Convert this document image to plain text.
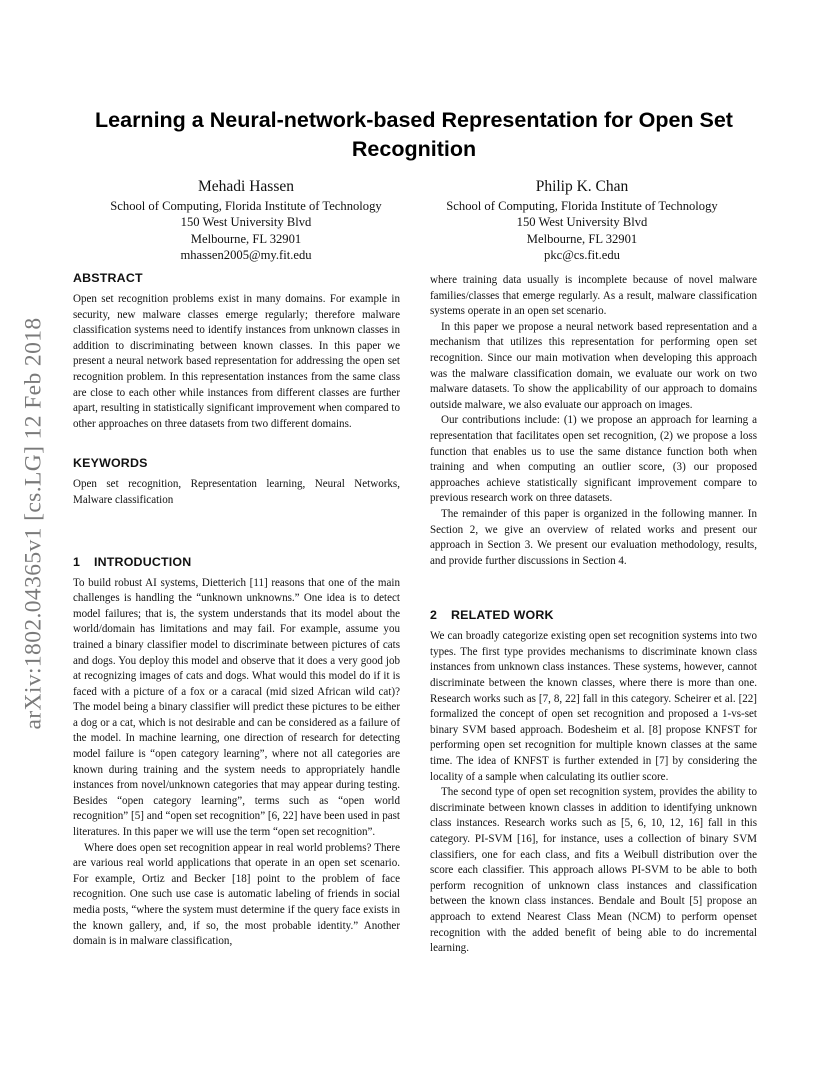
arXiv:1802.04365v1 [cs.LG] 12 Feb 2018
Learning a Neural-network-based Representation for Open Set Recognition
Mehadi Hassen
School of Computing, Florida Institute of Technology
150 West University Blvd
Melbourne, FL 32901
mhassen2005@my.fit.edu
Philip K. Chan
School of Computing, Florida Institute of Technology
150 West University Blvd
Melbourne, FL 32901
pkc@cs.fit.edu
ABSTRACT

Open set recognition problems exist in many domains. For example in security, new malware classes emerge regularly; therefore malware classification systems need to identify instances from unknown classes in addition to discriminating between known classes. In this paper we present a neural network based representation for addressing the open set recognition problem. In this representation instances from the same class are close to each other while instances from different classes are further apart, resulting in statistically significant improvement when compared to other approaches on three datasets from two different domains.

KEYWORDS

Open set recognition, Representation learning, Neural Networks, Malware classification

1 INTRODUCTION

To build robust AI systems, Dietterich [11] reasons that one of the main challenges is handling the “unknown unknowns.” One idea is to detect model failures; that is, the system understands that its model about the world/domain has limitations and may fail. For example, assume you trained a binary classifier model to discriminate between pictures of cats and dogs. You deploy this model and observe that it does a very good job at recognizing images of cats and dogs. What would this model do if it is faced with a picture of a fox or a caracal (mid sized African wild cat)? The model being a binary classifier will predict these pictures to be either a dog or a cat, which is not desirable and can be considered as a failure of the model. In machine learning, one direction of research for detecting model failure is “open category learning”, where not all categories are known during training and the system needs to appropriately handle instances from novel/unknown categories that may appear during testing. Besides “open category learning”, terms such as “open world recognition” [5] and “open set recognition” [6, 22] have been used in past literatures. In this paper we will use the term “open set recognition”.

Where does open set recognition appear in real world problems? There are various real world applications that operate in an open set scenario. For example, Ortiz and Becker [18] point to the problem of face recognition. One such use case is automatic labeling of friends in social media posts, “where the system must determine if the query face exists in the known gallery, and, if so, the most probable identity.” Another domain is in malware classification,

where training data usually is incomplete because of novel malware families/classes that emerge regularly. As a result, malware classification systems operate in an open set scenario.

In this paper we propose a neural network based representation and a mechanism that utilizes this representation for performing open set recognition. Since our main motivation when developing this approach was the malware classification domain, we evaluate our work on two malware datasets. To show the applicability of our approach to domains outside malware, we also evaluate our approach on images.

Our contributions include: (1) we propose an approach for learning a representation that facilitates open set recognition, (2) we propose a loss function that enables us to use the same distance function both when training and when computing an outlier score, (3) our proposed approaches achieve statistically significant improvement compare to previous research work on three datasets.

The remainder of this paper is organized in the following manner. In Section 2, we give an overview of related works and present our approach in Section 3. We present our evaluation methodology, results, and provide further discussions in Section 4.

2 RELATED WORK

We can broadly categorize existing open set recognition systems into two types. The first type provides mechanisms to discriminate known class instances from unknown class instances. These systems, however, cannot discriminate between the known classes, where there is more than one. Research works such as [7, 8, 22] fall in this category. Scheirer et al. [22] formalized the concept of open set recognition and proposed a 1-vs-set binary SVM based approach. Bodesheim et al. [8] propose KNFST for performing open set recognition for multiple known classes at the same time. The idea of KNFST is further extended in [7] by considering the locality of a sample when calculating its outlier score.

The second type of open set recognition system, provides the ability to discriminate between known classes in addition to identifying unknown class instances. Research works such as [5, 6, 10, 12, 16] fall in this category. PI-SVM [16], for instance, uses a collection of binary SVM classifiers, one for each class, and fits a Weibull distribution over the score each classifier. This approach allows PI-SVM to be able to both perform recognition of unknown class instances and classification between the known class instances. Bendale and Boult [5] propose an approach to extend Nearest Class Mean (NCM) to perform openset recognition with the added benefit of being able to do incremental learning.
